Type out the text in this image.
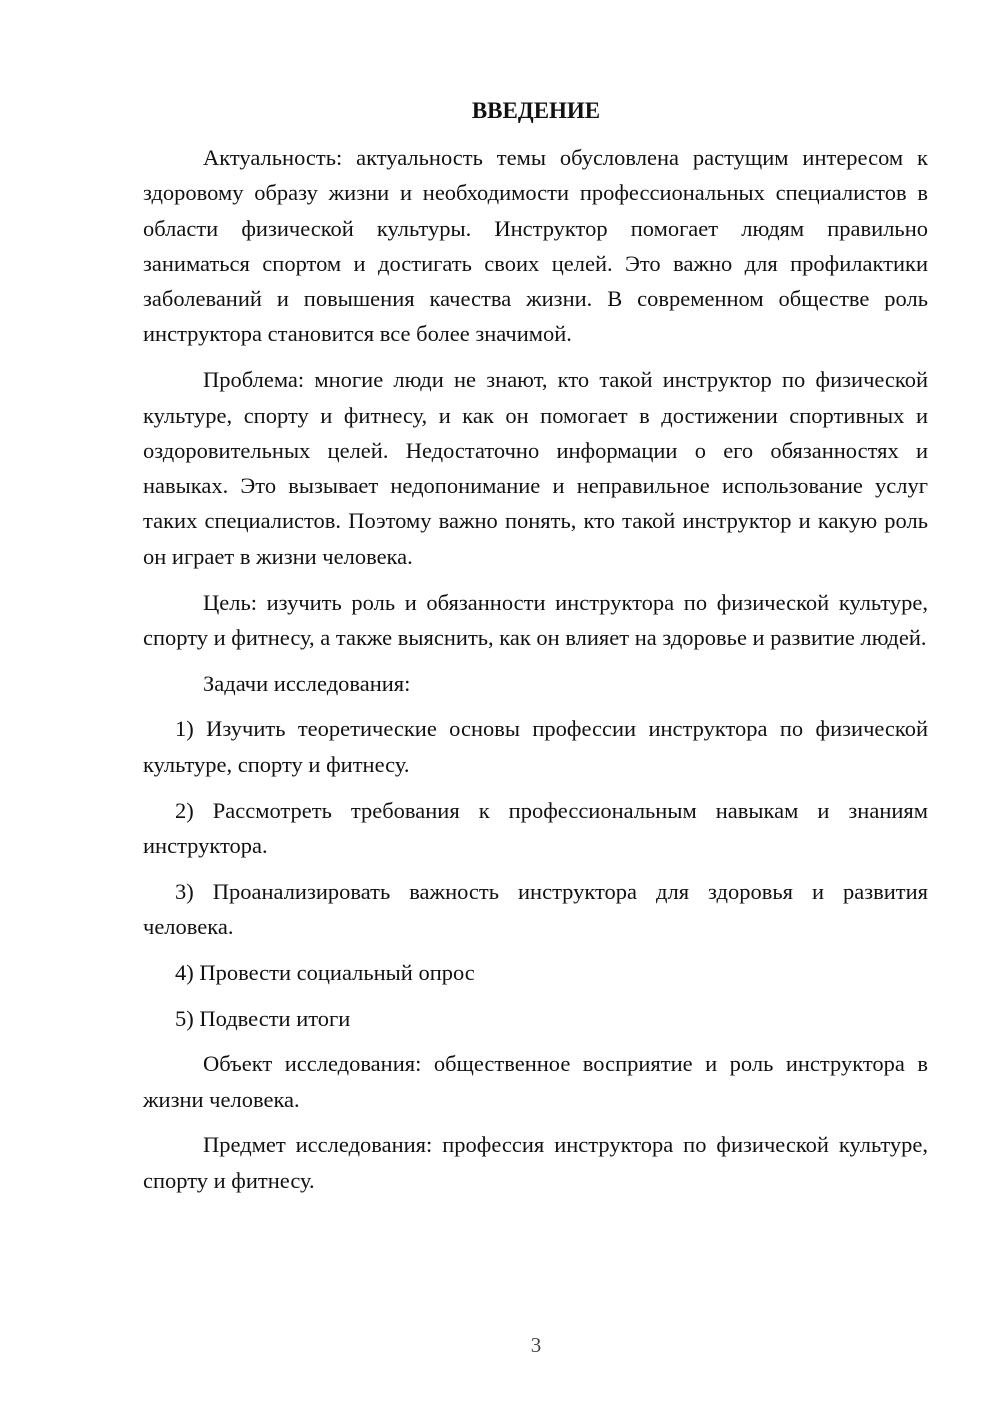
ВВЕДЕНИЕ

Актуальность: актуальность темы обусловлена растущим интересом к здоровому образу жизни и необходимости профессиональных специалистов в области физической культуры. Инструктор помогает людям правильно заниматься спортом и достигать своих целей. Это важно для профилактики заболеваний и повышения качества жизни. В современном обществе роль инструктора становится все более значимой.

Проблема: многие люди не знают, кто такой инструктор по физической культуре, спорту и фитнесу, и как он помогает в достижении спортивных и оздоровительных целей. Недостаточно информации о его обязанностях и навыках. Это вызывает недопонимание и неправильное использование услуг таких специалистов. Поэтому важно понять, кто такой инструктор и какую роль он играет в жизни человека.

Цель: изучить роль и обязанности инструктора по физической культуре, спорту и фитнесу, а также выяснить, как он влияет на здоровье и развитие людей.

Задачи исследования:

1) Изучить теоретические основы профессии инструктора по физической культуре, спорту и фитнесу.

2) Рассмотреть требования к профессиональным навыкам и знаниям инструктора.

3) Проанализировать важность инструктора для здоровья и развития человека.

4) Провести социальный опрос

5) Подвести итоги

Объект исследования: общественное восприятие и роль инструктора в жизни человека.

Предмет исследования: профессия инструктора по физической культуре, спорту и фитнесу.

3
